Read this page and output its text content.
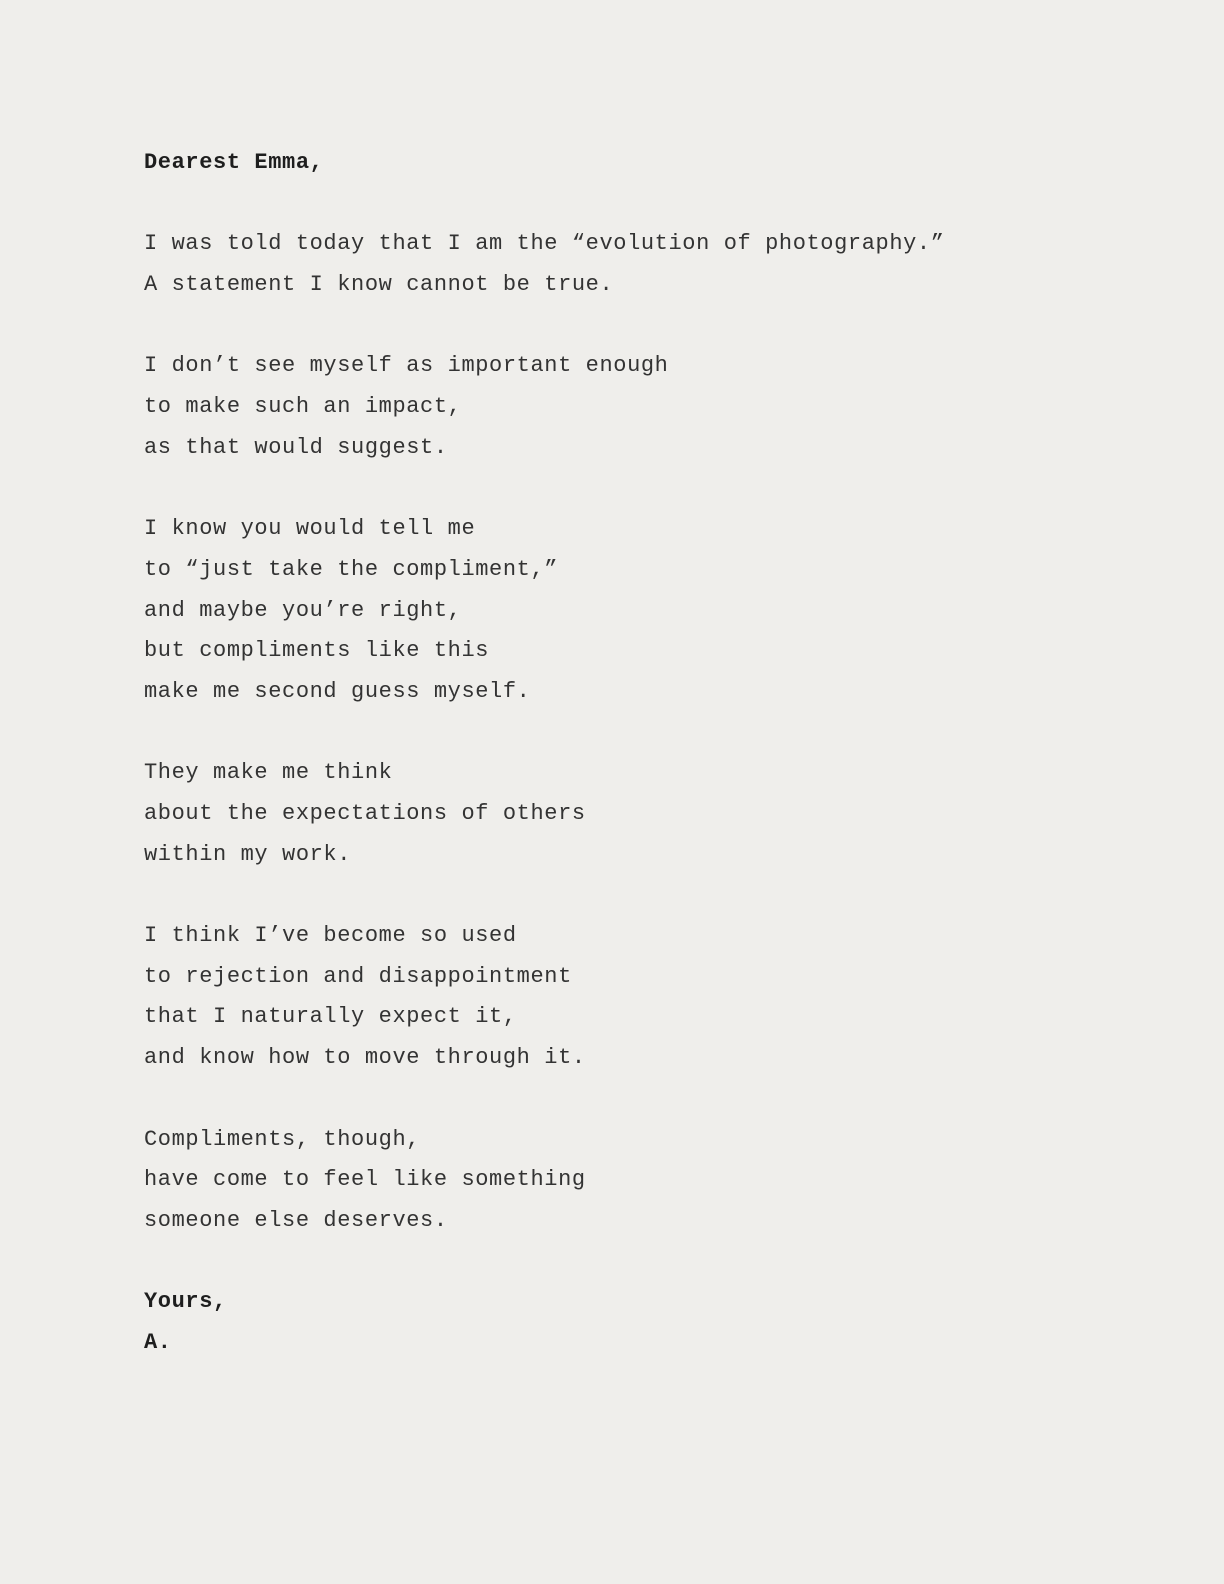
Dearest Emma,
I was told today that I am the “evolution of photography.”
A statement I know cannot be true.
I don’t see myself as important enough
to make such an impact,
as that would suggest.
I know you would tell me
to “just take the compliment,”
and maybe you’re right,
but compliments like this
make me second guess myself.
They make me think
about the expectations of others
within my work.
I think I’ve become so used
to rejection and disappointment
that I naturally expect it,
and know how to move through it.
Compliments, though,
have come to feel like something
someone else deserves.
Yours,
A.
